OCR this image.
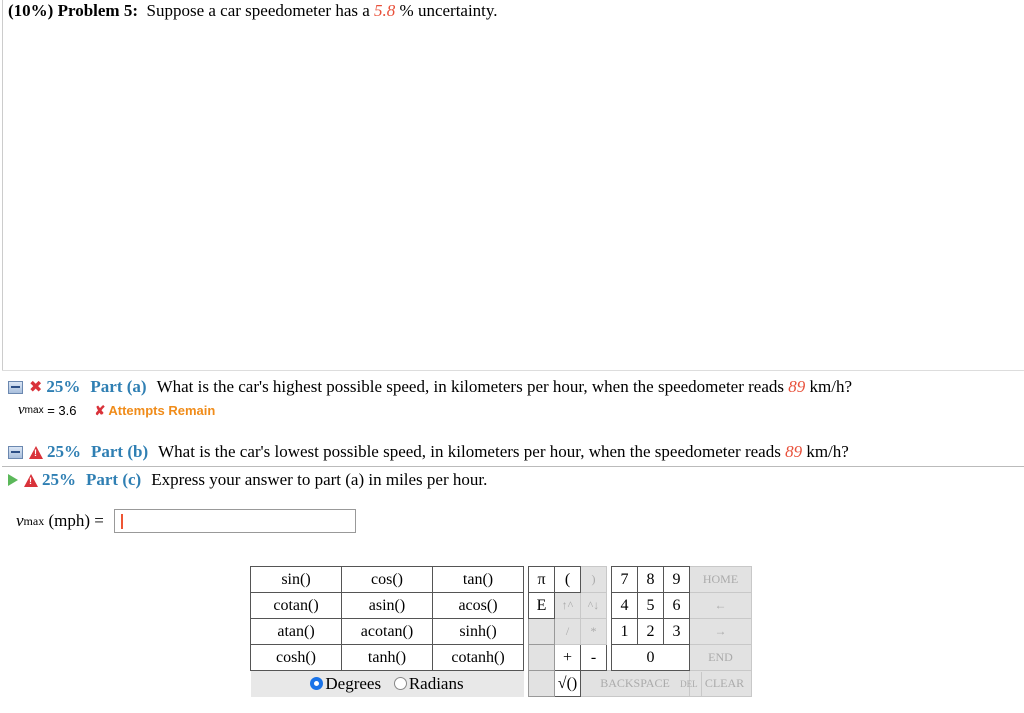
(10%) Problem 5: Suppose a car speedometer has a 5.8 % uncertainty.
✖ 25% Part (a) What is the car's highest possible speed, in kilometers per hour, when the speedometer reads
89
km/h?
v max = 3.6 ✘ Attempts Remain
!
25% Part (b) What is the car's lowest possible speed, in kilometers per hour, when the speedometer reads
89
km/h?
!
25% Part (c) Express your answer to part (a) in miles per hour.
v max (mph) =
sin()	cos()	tan()		π	(	)		7	8	9	HOME
cotan()	asin()	acos()		E	↑^	^↓		4	5	6	←
atan()	acotan()	sinh()			/	*		1	2	3	→
cosh()	tanh()	cotanh()			+	-		0			END
Degrees Radians					√()	BACKSPACE					DEL CLEAR
